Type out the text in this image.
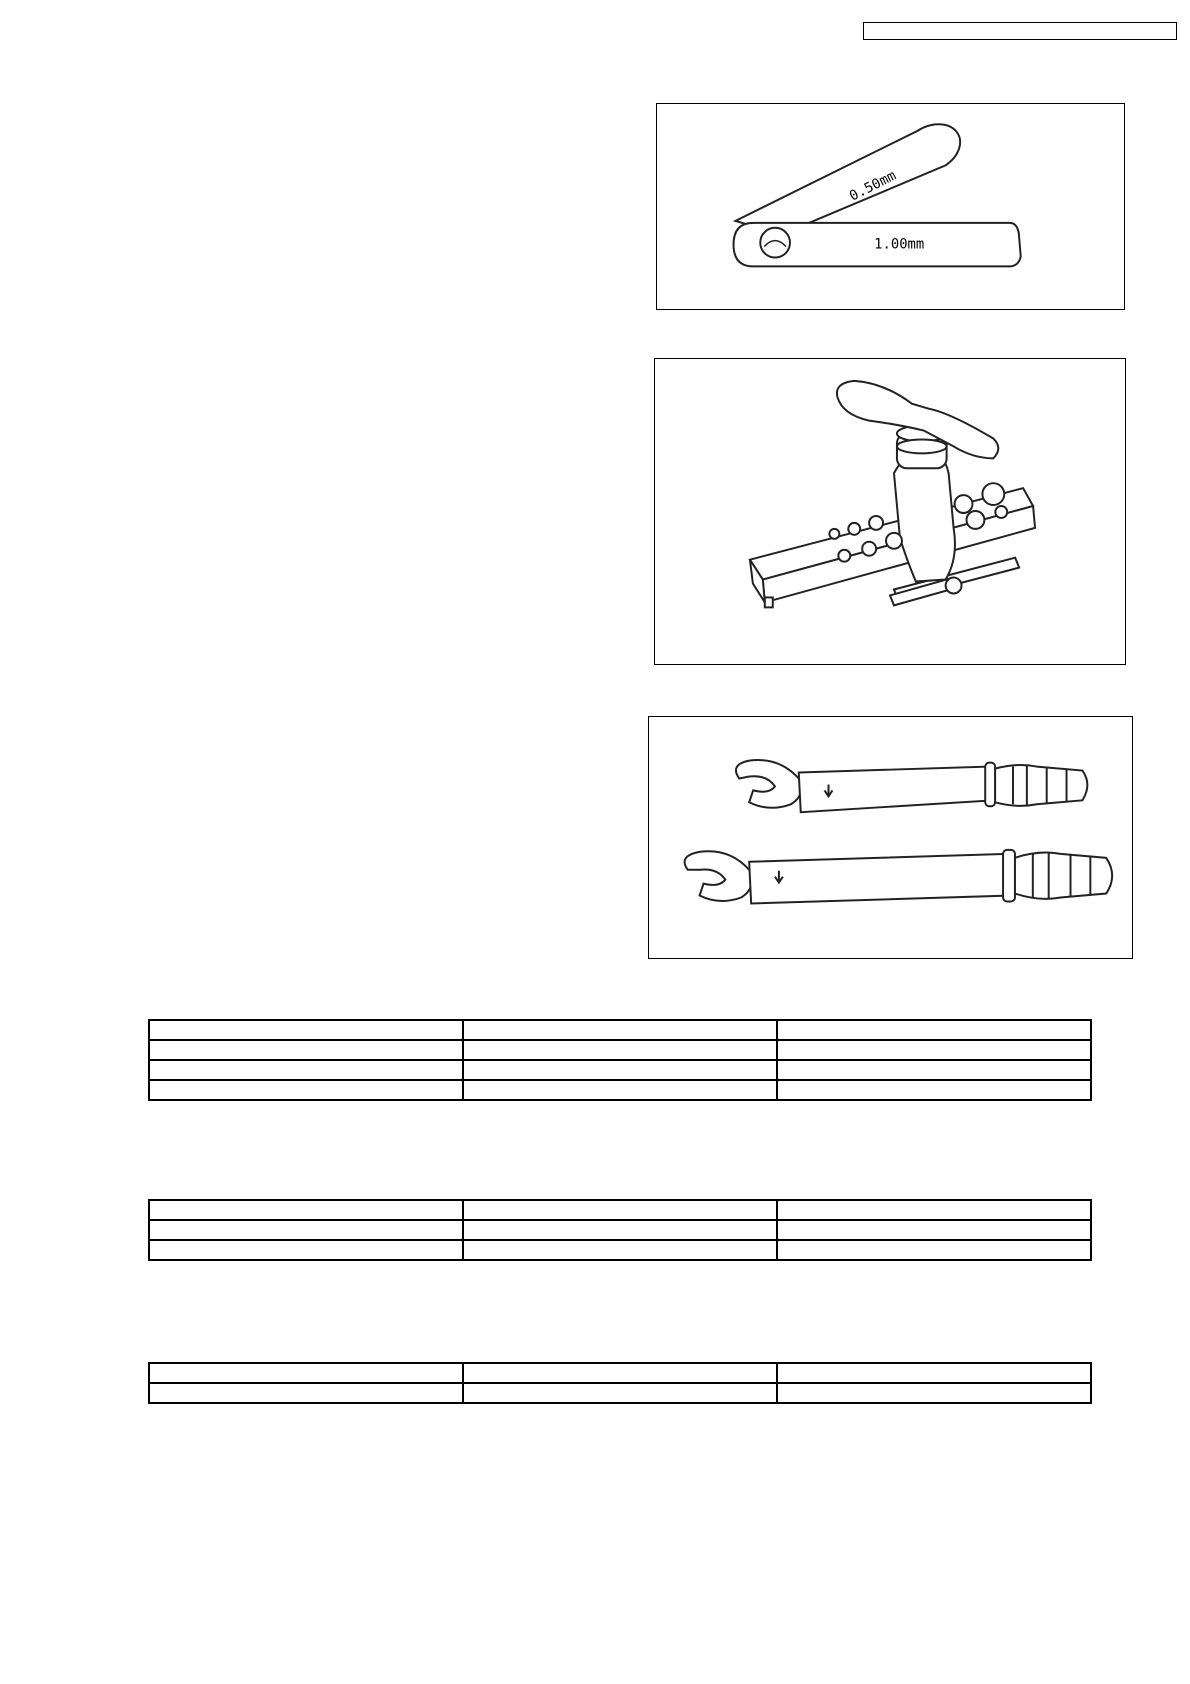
0.50mm
1.00mm
